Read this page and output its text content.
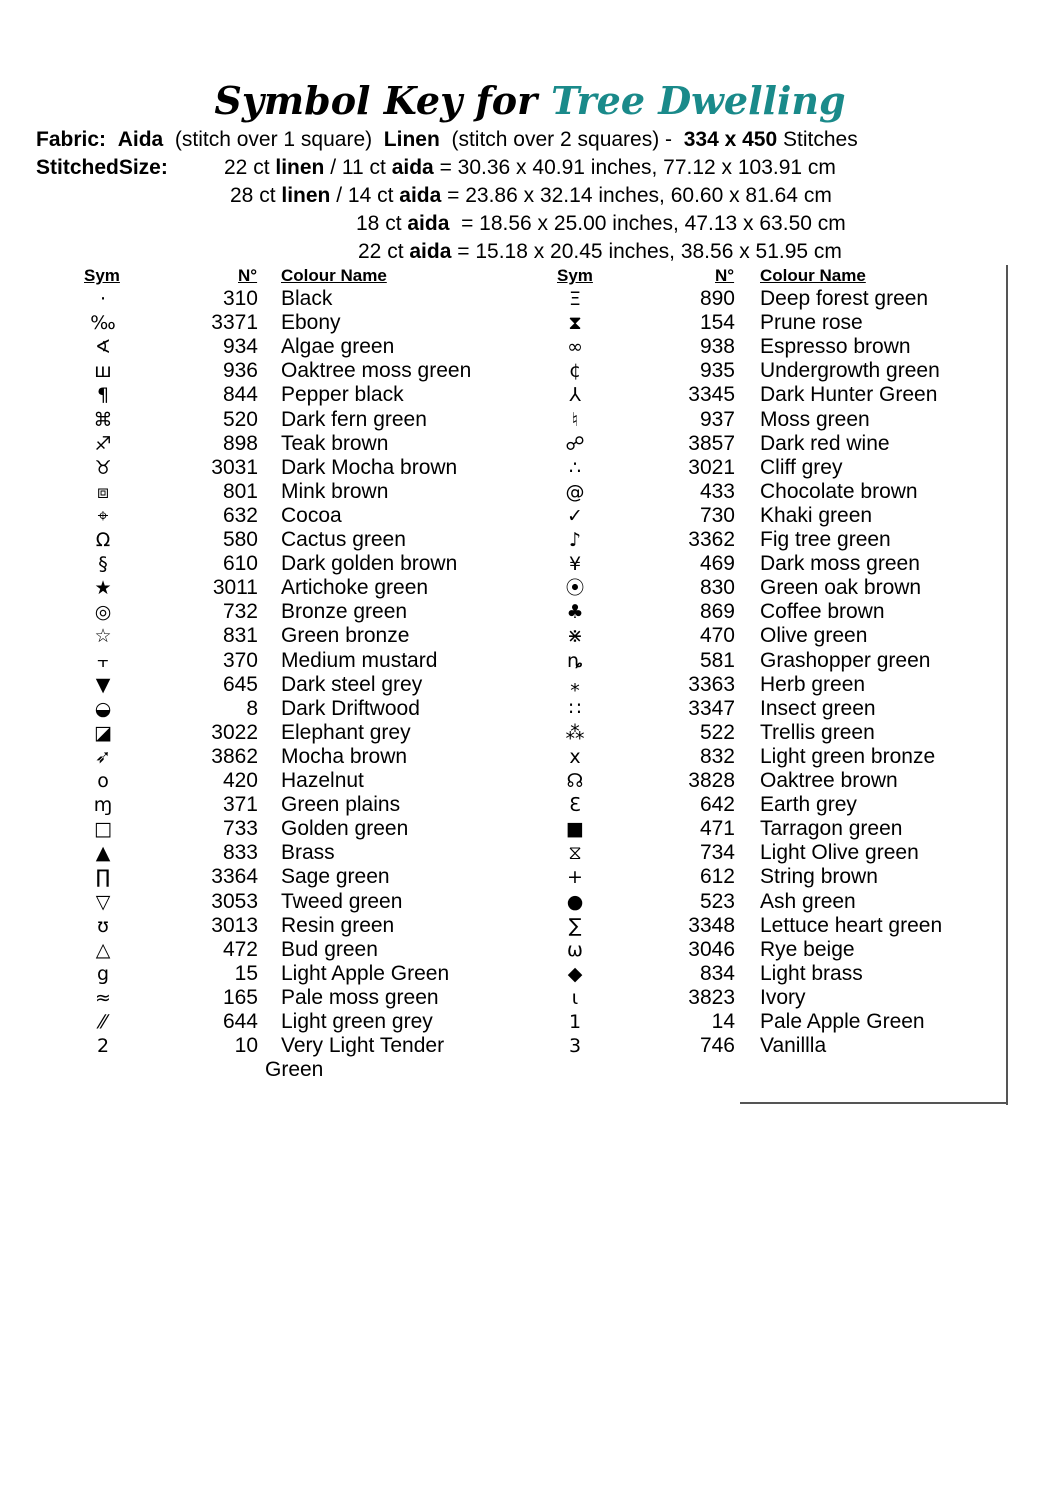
Symbol Key for Tree Dwelling
Fabric: Aida (stitch over 1 square) Linen (stitch over 2 squares) - 334 x 450 Stitches
StitchedSize:	22 ct linen / 11 ct aida = 30.36 x 40.91 inches, 77.12 x 103.91 cm
28 ct linen / 14 ct aida = 23.86 x 32.14 inches, 60.60 x 81.64 cm
18 ct aida  = 18.56 x 25.00 inches, 47.13 x 63.50 cm
22 ct aida = 15.18 x 20.45 inches, 38.56 x 51.95 cm
Sym	N° Colour Name	Sym	N° Colour Name
·	310 Black
‰	3371 Ebony
∢	934 Algae green
ш	936 Oaktree moss green
¶	844 Pepper black
⌘	520 Dark fern green
♐	898 Teak brown
♉	3031 Dark Mocha brown
⧈	801 Mink brown
⌖	632 Cocoa
Ω	580 Cactus green
§	610 Dark golden brown
★	3011 Artichoke green
◎	732 Bronze green
☆	831 Green bronze
⫟	370 Medium mustard
▼	645 Dark steel grey
◒	8 Dark Driftwood
◪	3022 Elephant grey
➶	3862 Mocha brown
o	420 Hazelnut
ɱ	371 Green plains
□	733 Golden green
▲	833 Brass
∏	3364 Sage green
▽	3053 Tweed green
ʊ	3013 Resin green
△	472 Bud green
g	15 Light Apple Green
≈	165 Pale moss green
⁄⁄	644 Light green grey
2	10 Very Light Tender
Green
Ξ	890 Deep forest green
⧗	154 Prune rose
∞	938 Espresso brown
¢	935 Undergrowth green
⅄	3345 Dark Hunter Green
♮	937 Moss green
☍	3857 Dark red wine
∴	3021 Cliff grey
@	433 Chocolate brown
✓	730 Khaki green
♪	3362 Fig tree green
¥	469 Dark moss green
⦿	830 Green oak brown
♣	869 Coffee brown
⋇	470 Olive green
ȵ	581 Grashopper green
⁎	3363 Herb green
∷	3347 Insect green
⁂	522 Trellis green
x	832 Light green bronze
☊	3828 Oaktree brown
ℇ	642 Earth grey
■	471 Tarragon green
⧖	734 Light Olive green
+	612 String brown
●	523 Ash green
∑	3348 Lettuce heart green
ω	3046 Rye beige
◆	834 Light brass
ɩ	3823 Ivory
1	14 Pale Apple Green
3	746 Vanillla
